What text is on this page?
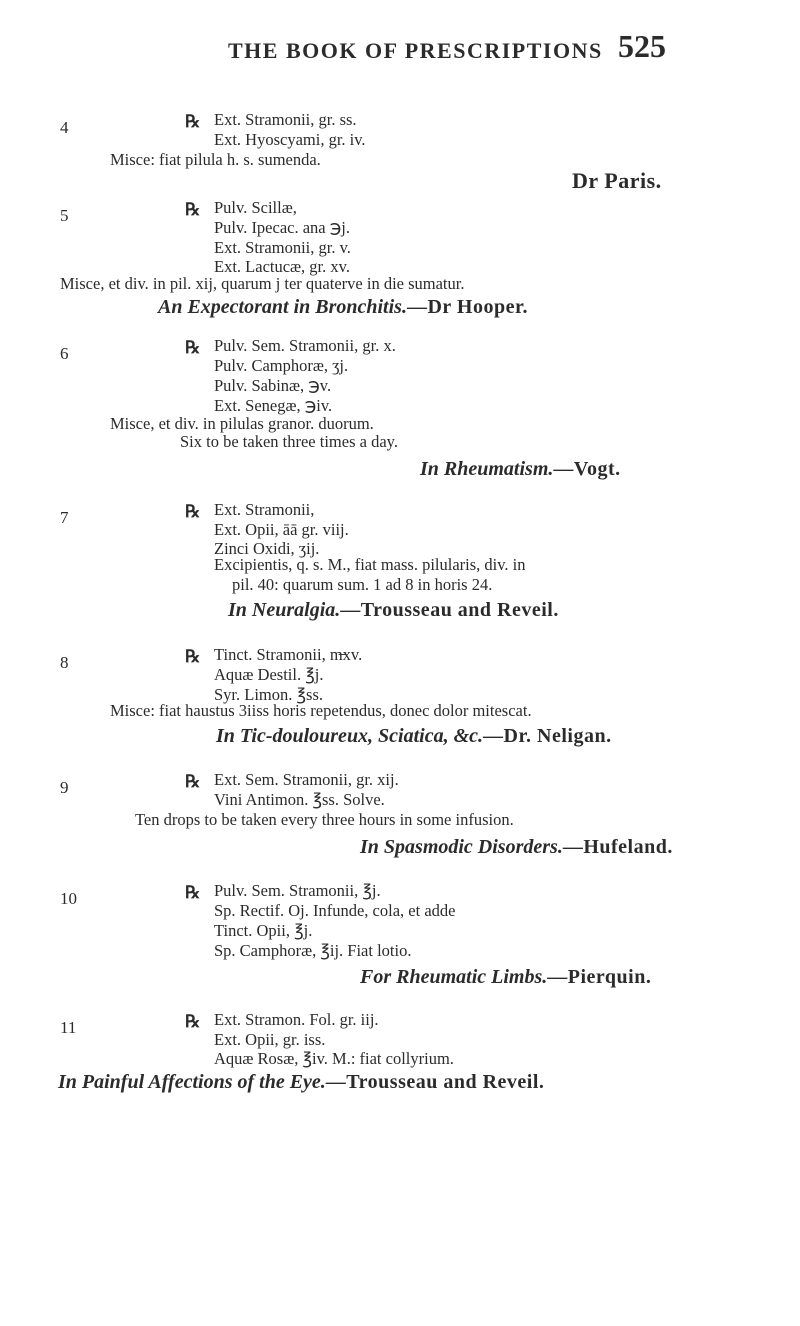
THE BOOK OF PRESCRIPTIONS 525
4	℞ Ext. Stramonii, gr. ss.
Ext. Hyoscyami, gr. iv.
Misce: fiat pilula h. s. sumenda.
Dr Paris.
5	℞ Pulv. Scillæ,
Pulv. Ipecac. ana ℈j.
Ext. Stramonii, gr. v.
Ext. Lactucæ, gr. xv.
Misce, et div. in pil. xij, quarum j ter quaterve in die sumatur.
An Expectorant in Bronchitis.—Dr Hooper.
6	℞ Pulv. Sem. Stramonii, gr. x.
Pulv. Camphoræ, ʒj.
Pulv. Sabinæ, ℈v.
Ext. Senegæ, ℈iv.
Misce, et div. in pilulas granor. duorum.
Six to be taken three times a day.
In Rheumatism.—Vogt.
7	℞ Ext. Stramonii,
Ext. Opii, āā gr. viij.
Zinci Oxidi, ʒij.
Excipientis, q. s. M., fiat mass. pilularis, div. in
pil. 40: quarum sum. 1 ad 8 in horis 24.
In Neuralgia.—Trousseau and Reveil.
8	℞ Tinct. Stramonii, m̶xv.
Aquæ Destil. ℥j.
Syr. Limon. ℥ss.
Misce: fiat haustus 3iiss horis repetendus, donec dolor mitescat.
In Tic-douloureux, Sciatica, &c.—Dr. Neligan.
9	℞ Ext. Sem. Stramonii, gr. xij.
Vini Antimon. ℥ss. Solve.
Ten drops to be taken every three hours in some infusion.
In Spasmodic Disorders.—Hufeland.
10	℞ Pulv. Sem. Stramonii, ℥j.
Sp. Rectif. Oj. Infunde, cola, et adde
Tinct. Opii, ℥j.
Sp. Camphoræ, ℥ij. Fiat lotio.
For Rheumatic Limbs.—Pierquin.
11	℞ Ext. Stramon. Fol. gr. iij.
Ext. Opii, gr. iss.
Aquæ Rosæ, ℥iv. M.: fiat collyrium.
In Painful Affections of the Eye.—Trousseau and Reveil.
